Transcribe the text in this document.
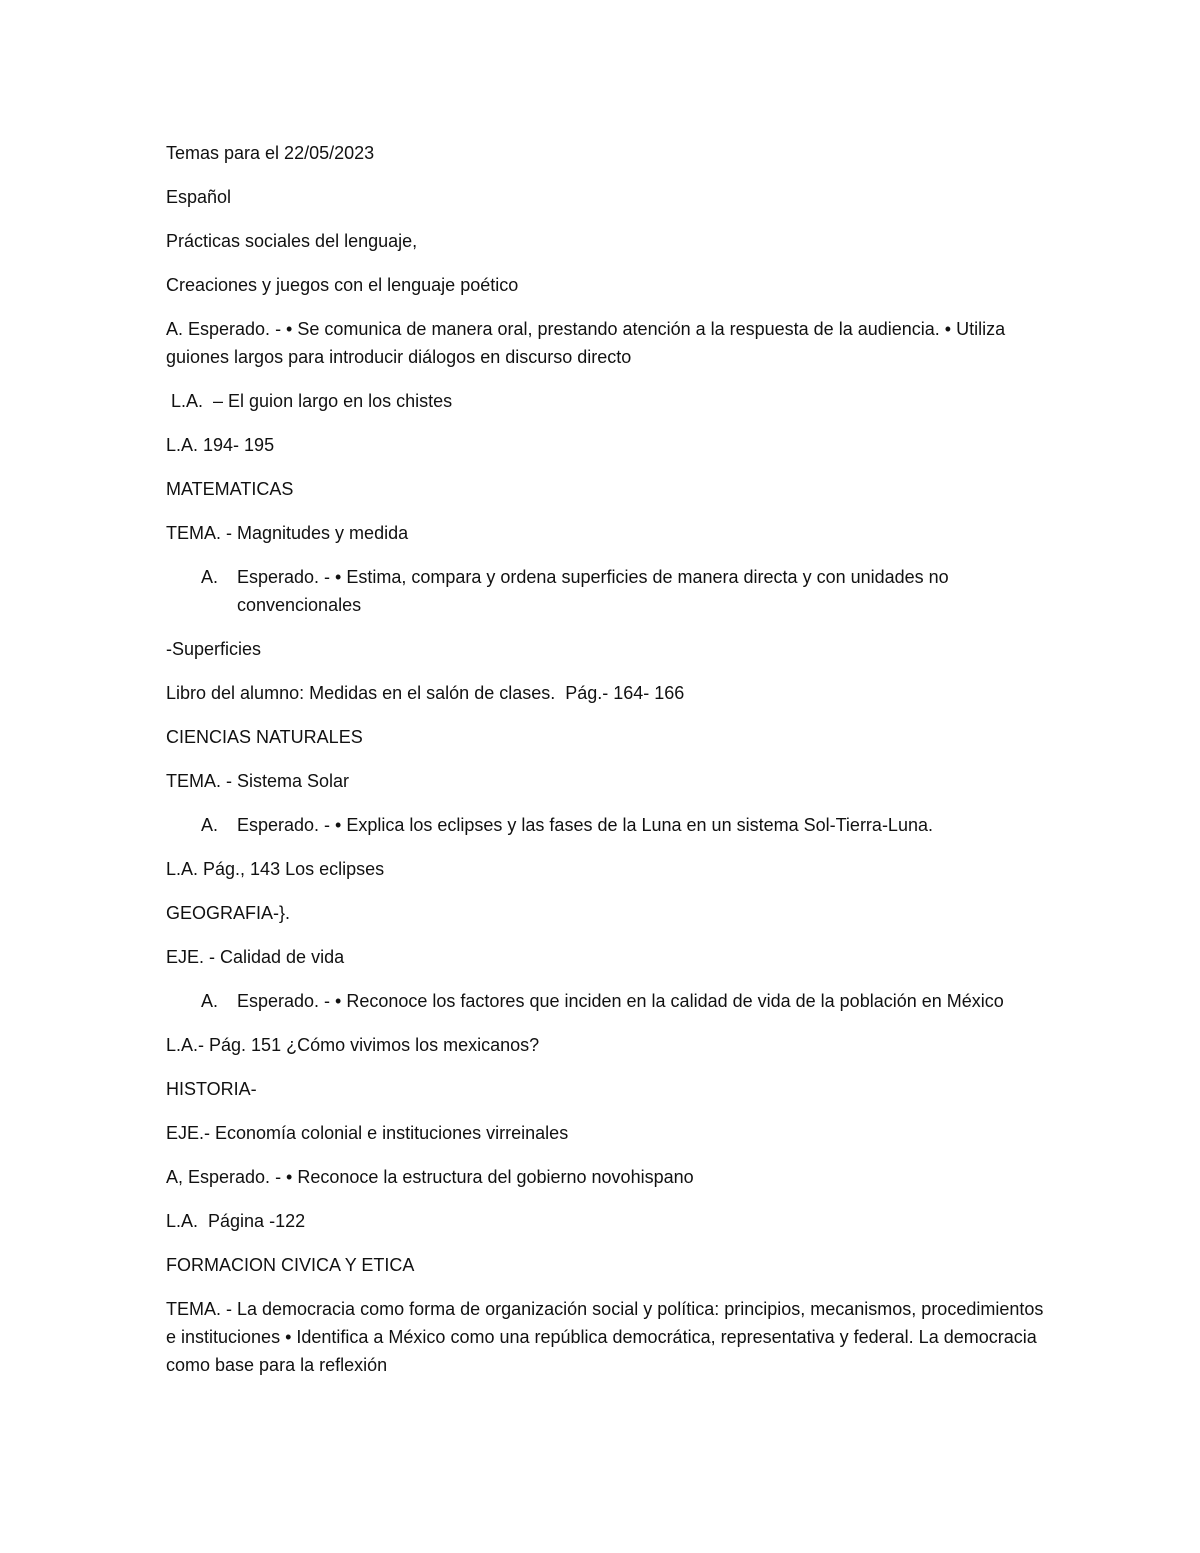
Temas para el 22/05/2023

Español

Prácticas sociales del lenguaje,

Creaciones y juegos con el lenguaje poético

A. Esperado. - • Se comunica de manera oral, prestando atención a la respuesta de la audiencia. • Utiliza guiones largos para introducir diálogos en discurso directo

L.A.  – El guion largo en los chistes

L.A. 194- 195

MATEMATICAS

TEMA. - Magnitudes y medida

A. Esperado. - • Estima, compara y ordena superficies de manera directa y con unidades no convencionales

-Superficies

Libro del alumno: Medidas en el salón de clases.  Pág.- 164- 166

CIENCIAS NATURALES

TEMA. - Sistema Solar

A. Esperado. - • Explica los eclipses y las fases de la Luna en un sistema Sol-Tierra-Luna.

L.A. Pág., 143 Los eclipses

GEOGRAFIA-}.

EJE. - Calidad de vida

A. Esperado. - • Reconoce los factores que inciden en la calidad de vida de la población en México

L.A.- Pág. 151 ¿Cómo vivimos los mexicanos?

HISTORIA-

EJE.- Economía colonial e instituciones virreinales

A, Esperado. - • Reconoce la estructura del gobierno novohispano

L.A.  Página -122

FORMACION CIVICA Y ETICA

TEMA. - La democracia como forma de organización social y política: principios, mecanismos, procedimientos e instituciones • Identifica a México como una república democrática, representativa y federal. La democracia como base para la reflexión
